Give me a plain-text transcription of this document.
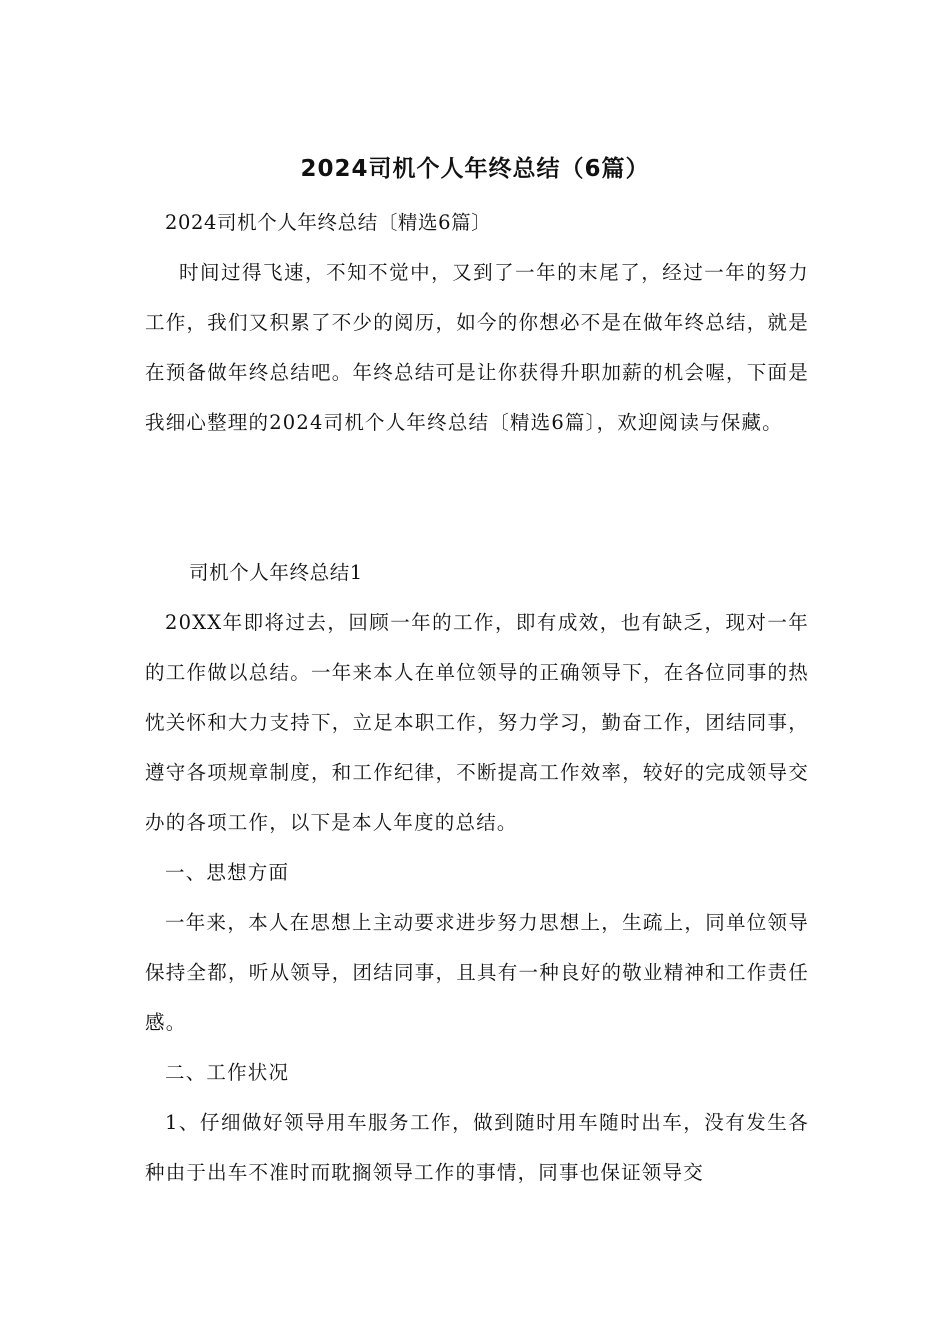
2024司机个人年终总结（6篇）

2024司机个人年终总结〔精选6篇〕

时间过得飞速，不知不觉中，又到了一年的末尾了，经过一年的努力工作，我们又积累了不少的阅历，如今的你想必不是在做年终总结，就是在预备做年终总结吧。年终总结可是让你获得升职加薪的机会喔，下面是我细心整理的2024司机个人年终总结〔精选6篇〕，欢迎阅读与保藏。

司机个人年终总结1

20XX年即将过去，回顾一年的工作，即有成效，也有缺乏，现对一年的工作做以总结。一年来本人在单位领导的正确领导下，在各位同事的热忱关怀和大力支持下，立足本职工作，努力学习，勤奋工作，团结同事，遵守各项规章制度，和工作纪律，不断提高工作效率，较好的完成领导交办的各项工作，以下是本人年度的总结。

一、思想方面

一年来，本人在思想上主动要求进步努力思想上，生疏上，同单位领导保持全都，听从领导，团结同事，且具有一种良好的敬业精神和工作责任感。

二、工作状况

1、仔细做好领导用车服务工作，做到随时用车随时出车，没有发生各种由于出车不准时而耽搁领导工作的事情，同事也保证领导交
